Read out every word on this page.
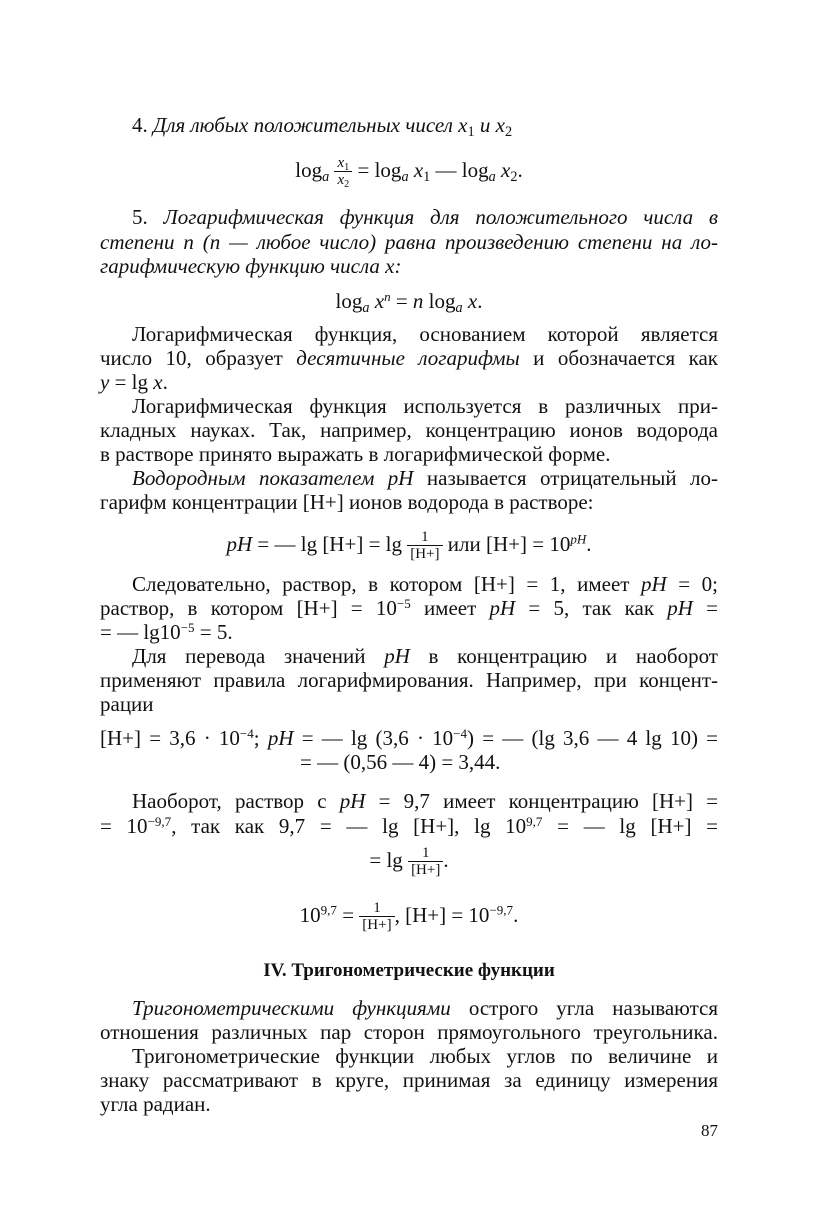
4. Для любых положительных чисел $x_1$ и $x_2$
$\log_a \frac{x_1}{x_2} = \log_a x_1$ — $\log_a x_2$.
5. Логарифмическая функция для положительного числа в
степени n (n — любое число) равна произведению степени на ло-
гарифмическую функцию числа x:
$\log_a x^n = n$ $\log_a x$.
Логарифмическая функция, основанием которой является
число 10, образует десятичные логарифмы и обозначается как
y = lg x.
Логарифмическая функция используется в различных при-
кладных науках. Так, например, концентрацию ионов водорода
в растворе принято выражать в логарифмической форме.
Водородным показателем pH называется отрицательный ло-
гарифм концентрации [H+] ионов водорода в растворе:
pH = — $\lg [H+] = \lg \frac{1}{[H+]}$ или $[H+] = 10^{pH}$.
Следовательно, раствор, в котором [H+] = 1, имеет pH = 0;
раствор, в котором $[H+] = 10^{-5}$ имеет pH = 5, так как pH =
= — $\lg 10^{-5} = 5$.
Для перевода значений pH в концентрацию и наоборот
применяют правила логарифмирования. Например, при концент-
рации
$[H+] = 3,6 \cdot 10^{-4}$; pH = — $\lg (3,6 \cdot 10^{-4})$ = — (lg 3,6 — 4 lg 10) =
= — (0,56 — 4) = 3,44.
Наоборот, раствор с pH = 9,7 имеет концентрацию [H+] =
= $10^{-9,7}$, так как 9,7 = — lg [H+], $\lg 10^{9,7}$ = — lg [H+] =
= $\lg \frac{1}{[H+]}$ .
$10^{9,7} = \frac{1}{[H+]}$ , $[H+] = 10^{-9,7}$.
IV. Тригонометрические функции
Тригонометрическими функциями острого угла называются
отношения различных пар сторон прямоугольного треугольника.
Тригонометрические функции любых углов по величине и
знаку рассматривают в круге, принимая за единицу измерения
угла радиан.
87
